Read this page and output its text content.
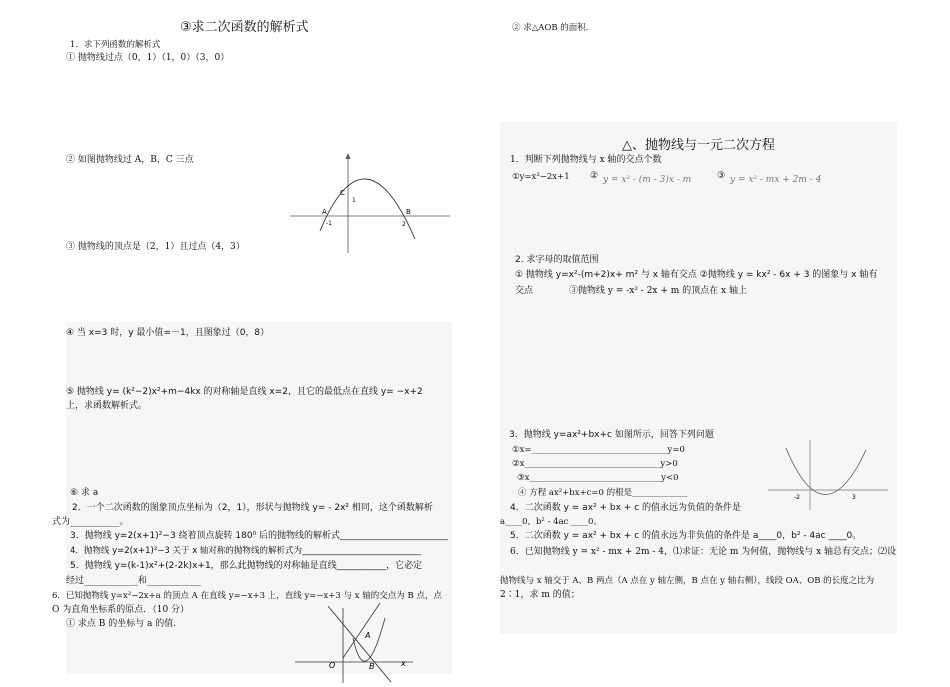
③求二次函数的解析式
1．求下列函数的解析式
① 抛物线过点（0，1）（1，0）（3，0）
② 如图抛物线过 A，B，C 三点
C
1
A
-1
B
2
③ 抛物线的顶点是（2，1）且过点（4，3）
④ 当 x=3 时，y 最小值=－1，且图象过（0，8）
⑤ 抛物线 y= (k²−2)x²+m−4kx 的对称轴是直线 x=2，且它的最低点在直线 y= −x+2
上，求函数解析式。
⑥ 求 a
2．一个二次函数的图象顶点坐标为（2，1），形状与抛物线 y= - 2x² 相同，这个函数解析
式为___________。
3．抛物线 y=2(x+1)²−3 绕着顶点旋转 180⁰ 后的抛物线的解析式________________________
4．抛物线 y=2(x+1)²−3 关于 x 轴对称的抛物线的解析式为____________________________
5．抛物线 y=(k-1)x²+(2-2k)x+1，那么此抛物线的对称轴是直线___________，它必定
经过____________和____________
6．已知抛物线 y=x²−2x+a 的顶点 A 在直线 y=−x+3 上，直线 y=−x+3 与 x 轴的交点为 B 点，点
O 为直角坐标系的原点．（10 分）
① 求点 B 的坐标与 a 的值.
A
O	B	x
② 求△AOB 的面积.
△、抛物线与一元二次方程
1．判断下列抛物线与 x 轴的交点个数
①y=x²−2x+1 ② y = x² - (m - 3)x - m	③ y = x² - mx + 2m - 4
2. 求字母的取值范围
① 抛物线 y=x²-(m+2)x+ m² 与 x 轴有交点 ②抛物线 y = kx² - 6x + 3 的图象与 x 轴有
交点　　　　③抛物线 y = -x² - 2x + m 的顶点在 x 轴上
3．抛物线 y=ax²+bx+c 如图所示，回答下列问题
①x=________________________________y=0
②x________________________________y>0
③x_______________________________y<0
④ 方程 ax²+bx+c=0 的根是_____________	-2	3
4．二次函数 y = ax² + bx + c 的值永远为负值的条件是
a____0，b² - 4ac ____0。
5．二次函数 y = ax² + bx + c 的值永远为非负值的条件是 a____0，b² - 4ac ____0。
6．已知抛物线 y = x² - mx + 2m - 4，⑴求证：无论 m 为何值，抛物线与 x 轴总有交点；⑵设
抛物线与 x 轴交于 A、B 两点（A 点在 y 轴左侧，B 点在 y 轴右侧），线段 OA、OB 的长度之比为
2∶1，求 m 的值；
